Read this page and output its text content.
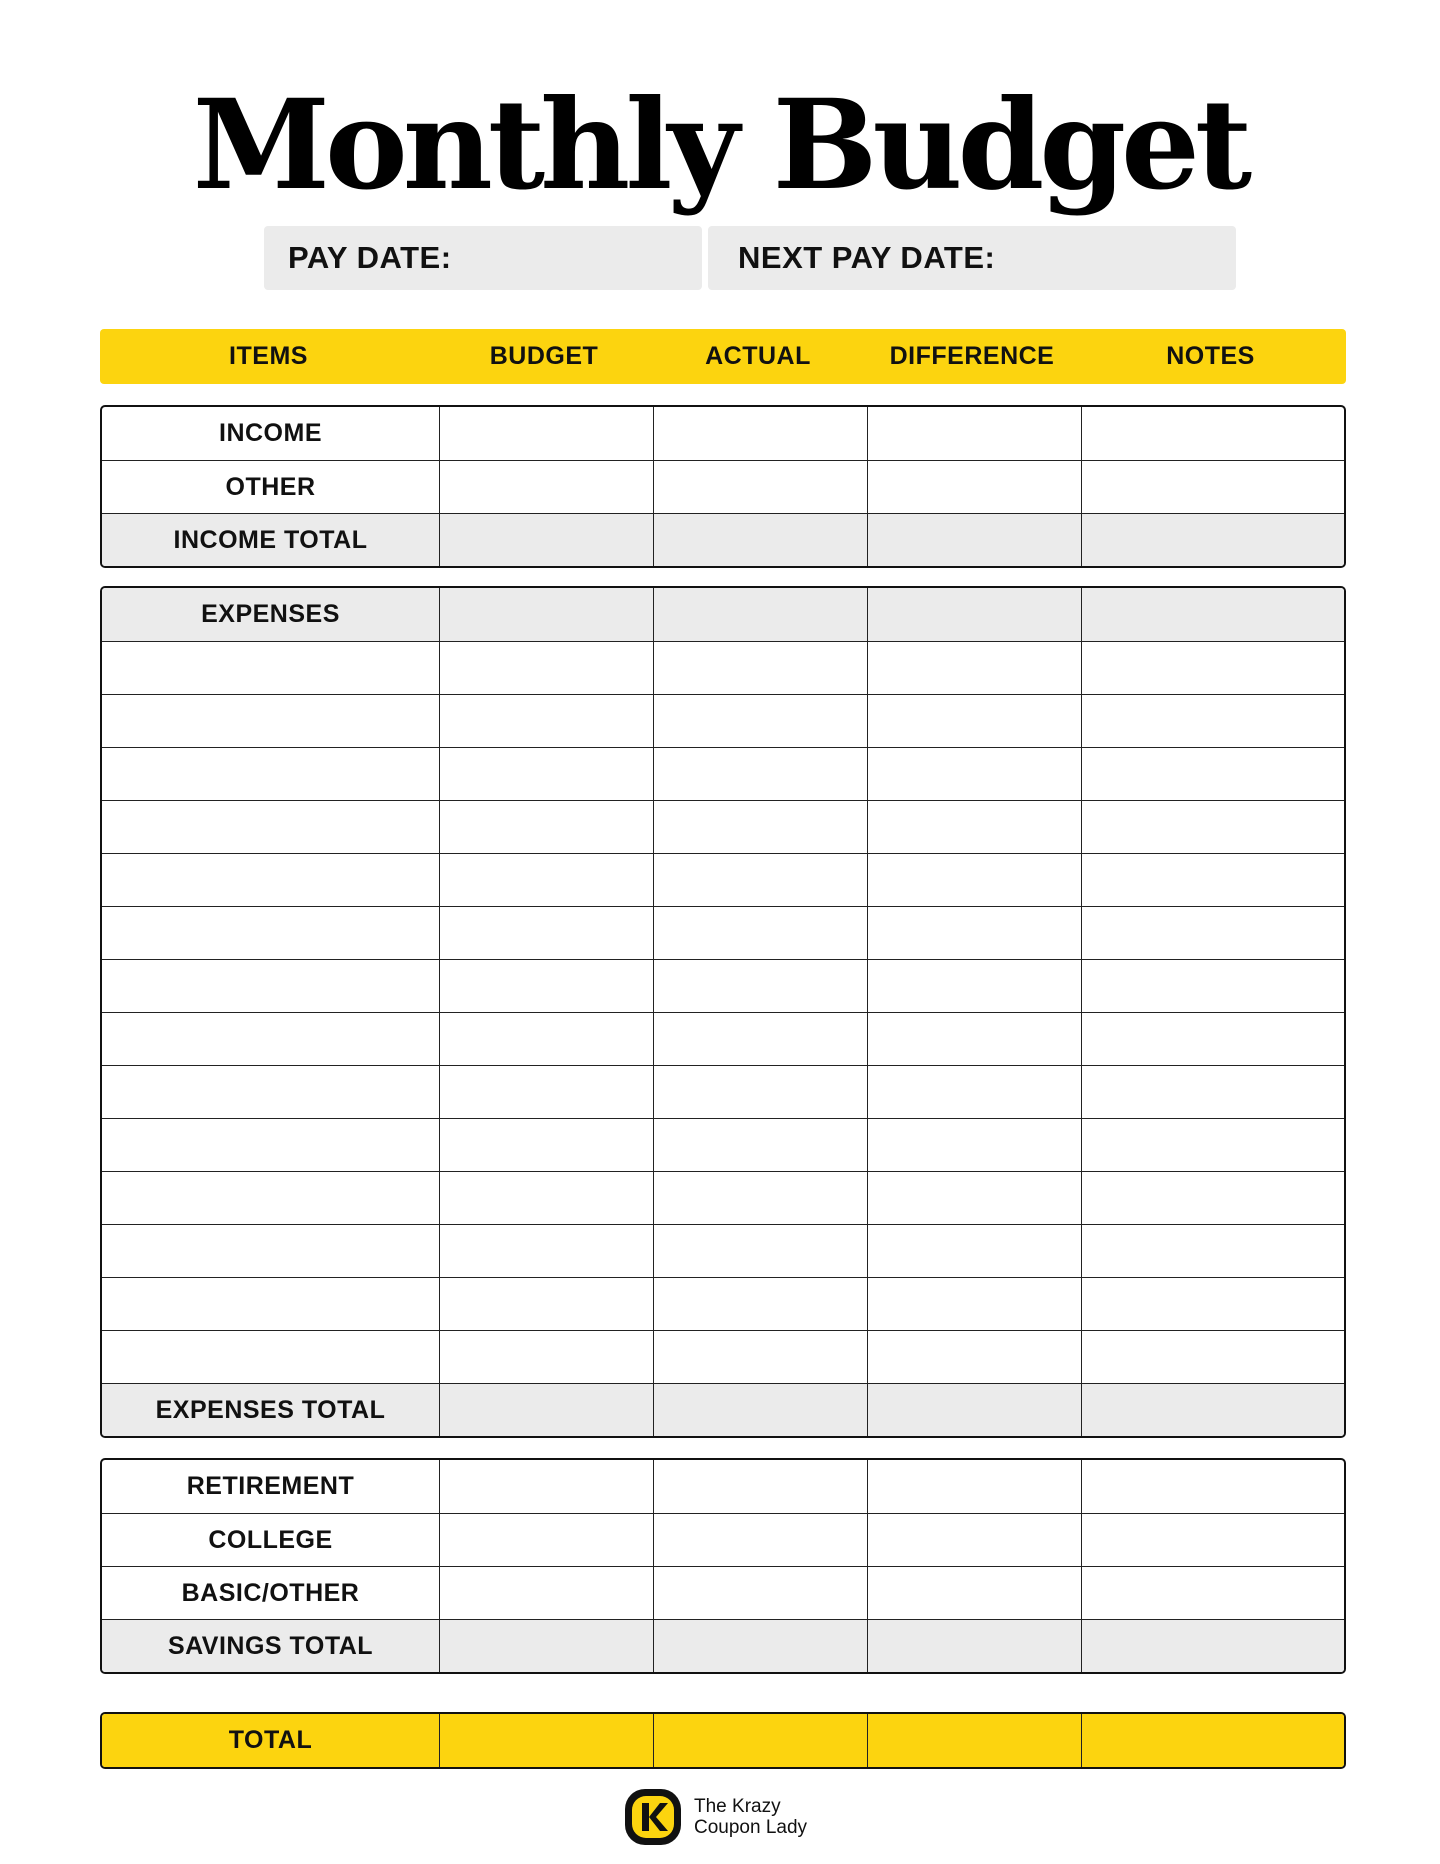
Monthly Budget
PAY DATE:	NEXT PAY DATE:
ITEMS	BUDGET	ACTUAL	DIFFERENCE	NOTES
INCOME
OTHER
INCOME TOTAL
EXPENSES
EXPENSES TOTAL
RETIREMENT
COLLEGE
BASIC/OTHER
SAVINGS TOTAL
TOTAL
The Krazy
Coupon Lady
